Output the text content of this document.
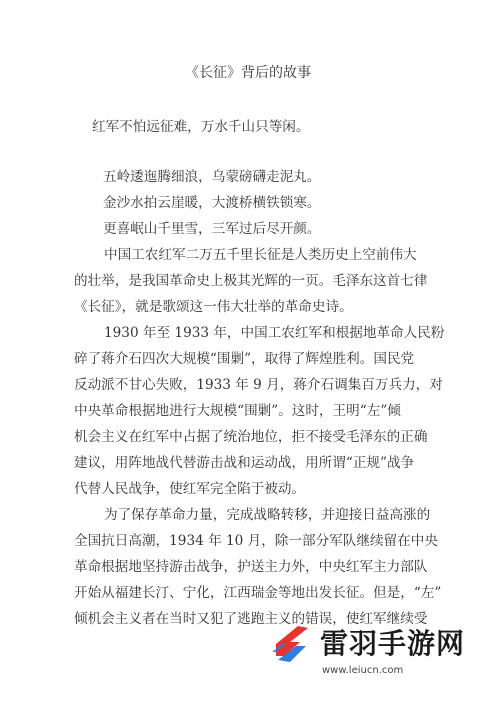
《长征》背后的故事
红军不怕远征难，万水千山只等闲。
五岭逶迤腾细浪，乌蒙磅礴走泥丸。
金沙水拍云崖暖，大渡桥横铁锁寒。
更喜岷山千里雪，三军过后尽开颜。
中国工农红军二万五千里长征是人类历史上空前伟大
的壮举，是我国革命史上极其光辉的一页。毛泽东这首七律
《长征》，就是歌颂这一伟大壮举的革命史诗。
1930 年至 1933 年，中国工农红军和根据地革命人民粉
碎了蒋介石四次大规模“围剿”，取得了辉煌胜利。国民党
反动派不甘心失败，1933 年 9 月，蒋介石调集百万兵力，对
中央革命根据地进行大规模“围剿”。这时，王明“左”倾
机会主义在红军中占据了统治地位，拒不接受毛泽东的正确
建议，用阵地战代替游击战和运动战，用所谓“正规”战争
代替人民战争，使红军完全陷于被动。
为了保存革命力量，完成战略转移，并迎接日益高涨的
全国抗日高潮，1934 年 10 月，除一部分军队继续留在中央
革命根据地坚持游击战争，护送主力外，中央红军主力部队
开始从福建长汀、宁化，江西瑞金等地出发长征。但是，“左”
倾机会主义者在当时又犯了逃跑主义的错误，使红军继续受
雷羽手游网
www.leiucn.com
